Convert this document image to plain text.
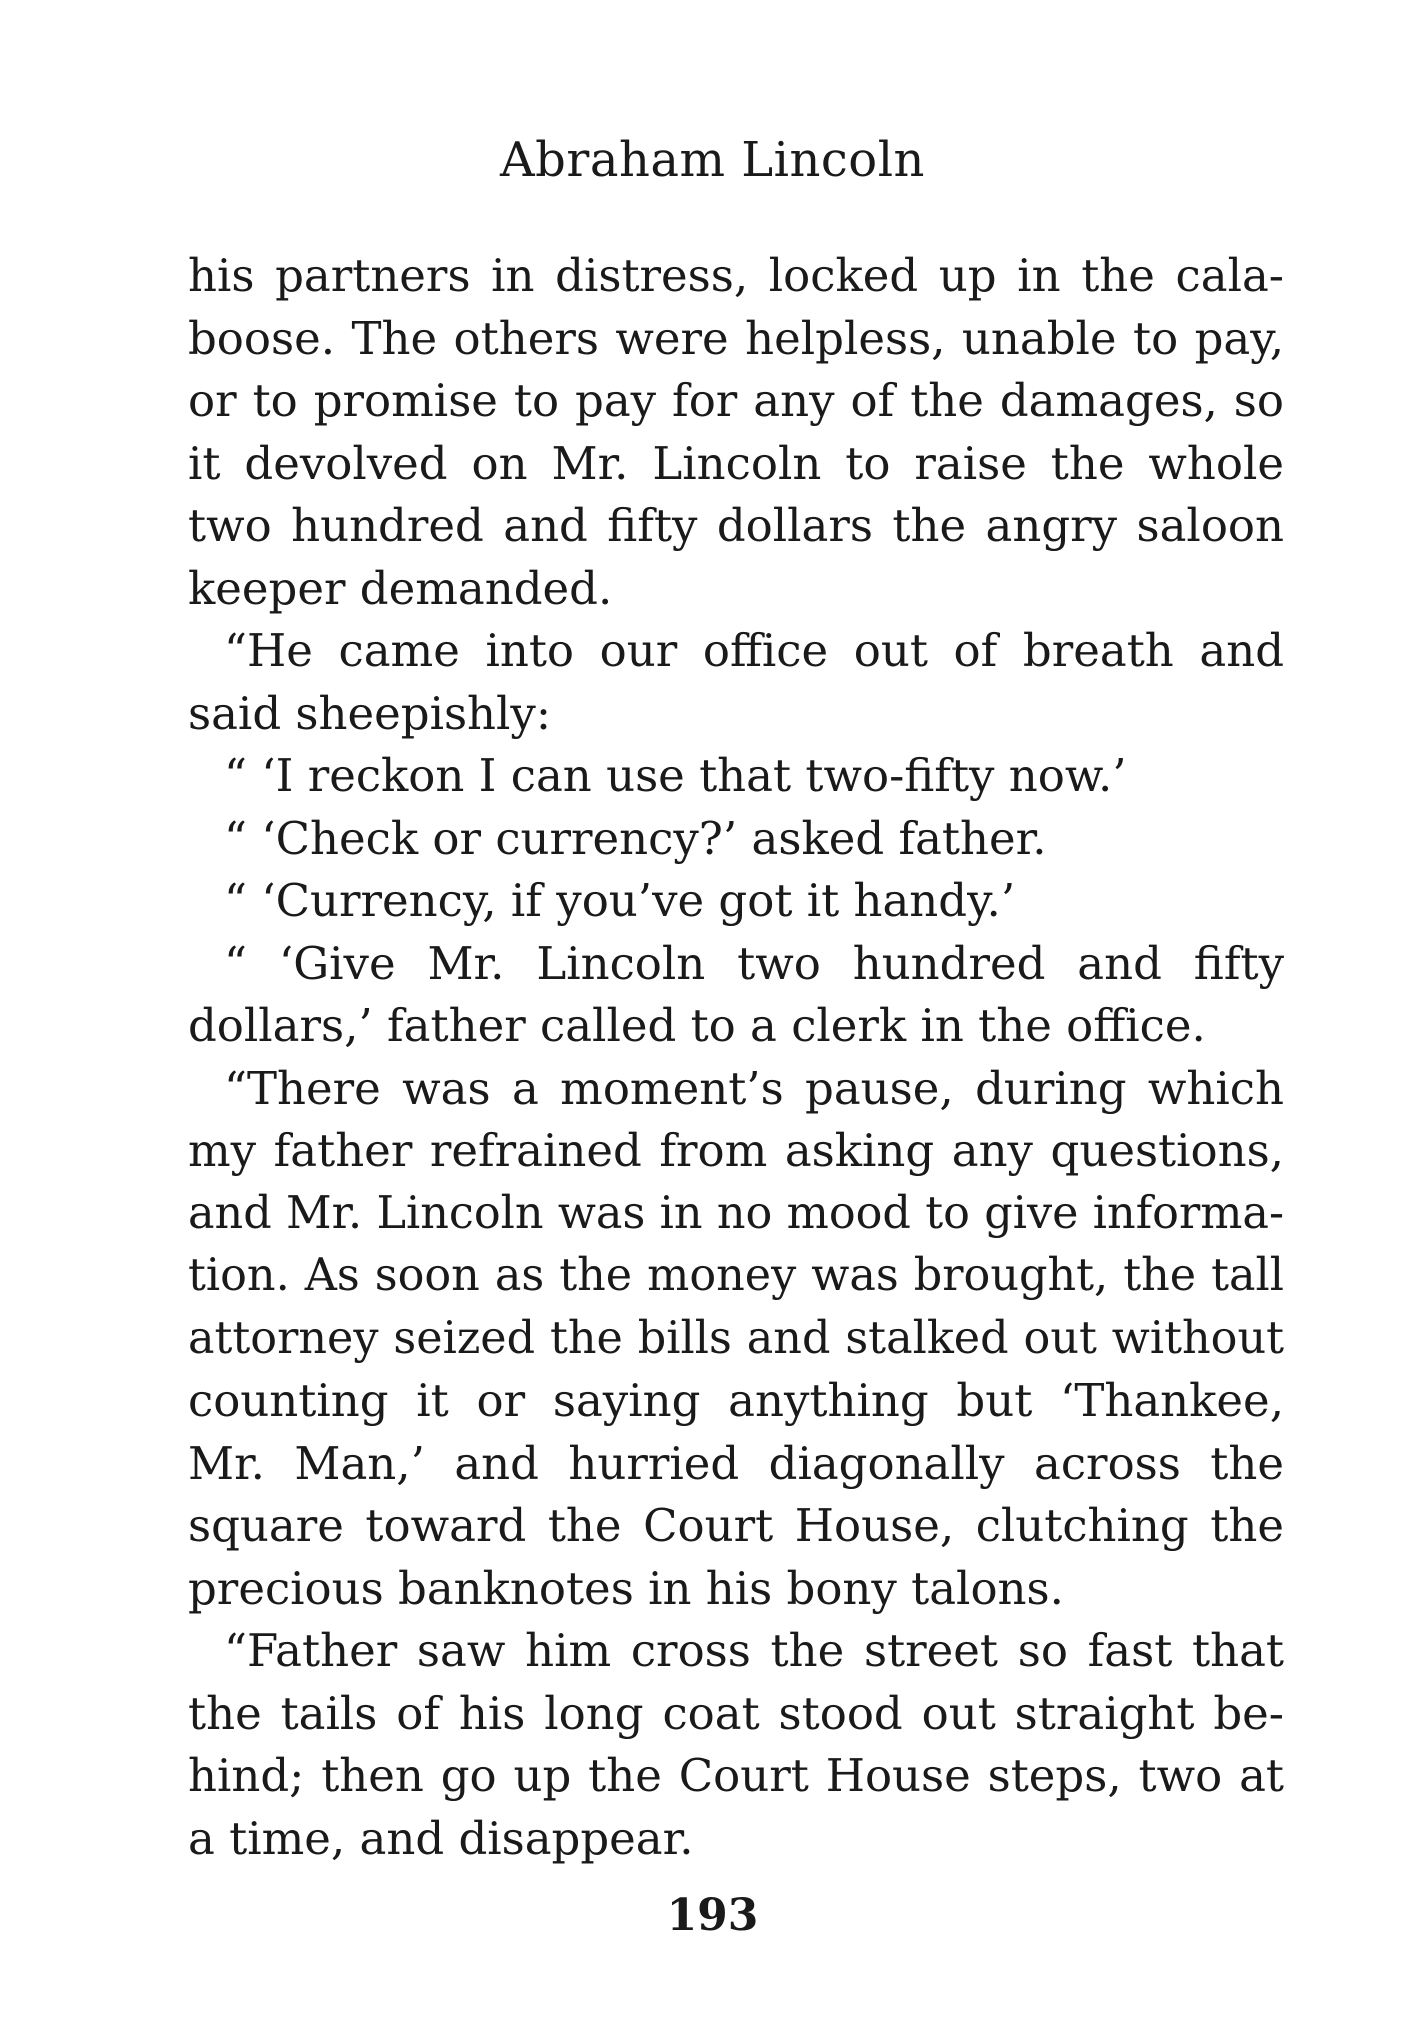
Abraham Lincoln
his partners in distress, locked up in the cala-
boose. The others were helpless, unable to pay,
or to promise to pay for any of the damages, so
it devolved on Mr. Lincoln to raise the whole
two hundred and fifty dollars the angry saloon
keeper demanded.
“He came into our office out of breath and
said sheepishly:
“ ‘I reckon I can use that two-fifty now.’
“ ‘Check or currency?’ asked father.
“ ‘Currency, if you’ve got it handy.’
“ ‘Give Mr. Lincoln two hundred and fifty
dollars,’ father called to a clerk in the office.
“There was a moment’s pause, during which
my father refrained from asking any questions,
and Mr. Lincoln was in no mood to give informa-
tion. As soon as the money was brought, the tall
attorney seized the bills and stalked out without
counting it or saying anything but ‘Thankee,
Mr. Man,’ and hurried diagonally across the
square toward the Court House, clutching the
precious banknotes in his bony talons.
“Father saw him cross the street so fast that
the tails of his long coat stood out straight be-
hind; then go up the Court House steps, two at
a time, and disappear.
193
